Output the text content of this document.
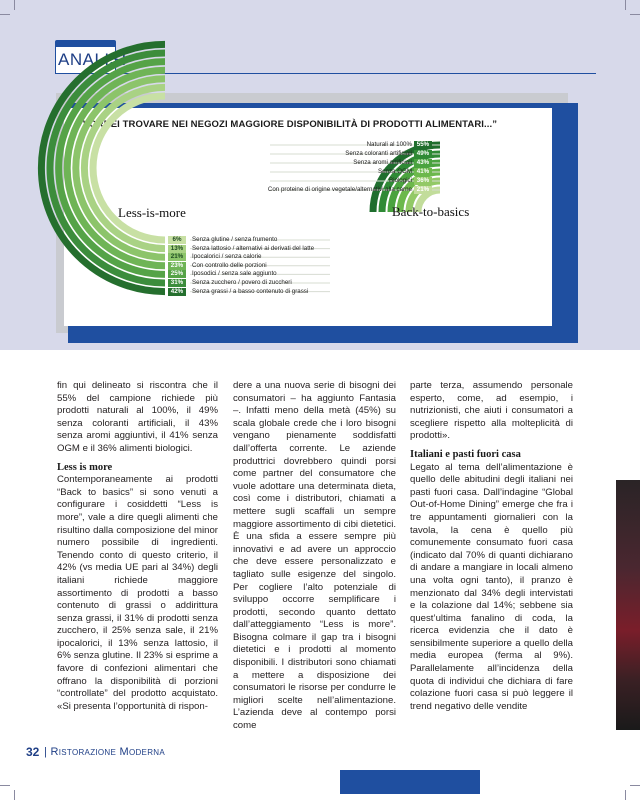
ANALISI
“VORREI TROVARE NEI NEGOZI MAGGIORE DISPONIBILITÀ DI PRODOTTI ALIMENTARI...”
Less-is-more	Back-to-basics
Naturali al 100% 55%
Senza coloranti artificiali 49%
Senza aromi artificiali 43%
Senza OGM 41%
Biologici 36%
Con proteine di origine vegetale/alternativi alla carne 21%
6%	Senza glutine / senza frumento
13%	Senza lattosio / alternativi ai derivati del latte
21%	Ipocalorici / senza calorie
23%	Con controllo delle porzioni
25%	Iposodici / senza sale aggiunto
31%	Senza zucchero / povero di zuccheri
42%	Senza grassi / a basso contenuto di grassi

fin qui delineato si riscontra che il 55% del campione richiede più prodotti naturali al 100%, il 49% senza coloranti artificiali, il 43% senza aromi aggiuntivi, il 41% senza OGM e il 36% alimenti biologici.

Less is more

Contemporaneamente ai prodotti “Back to basics” si sono venuti a configurare i cosiddetti “Less is more”, vale a dire quegli alimenti che risultino dalla composizione del minor numero possibile di ingredienti. Tenendo conto di questo criterio, il 42% (vs media UE pari al 34%) degli italiani richiede maggiore assortimento di prodotti a basso contenuto di grassi o addirittura senza grassi, il 31% di prodotti senza zucchero, il 25% senza sale, il 21% ipocalorici, il 13% senza lattosio, il 6% senza glutine. Il 23% si esprime a favore di confezioni alimentari che offrano la disponibilità di porzioni “controllate” del prodotto acquistato. «Si presenta l’opportunità di rispon-

dere a una nuova serie di bisogni dei consumatori – ha aggiunto Fantasia –. Infatti meno della metà (45%) su scala globale crede che i loro bisogni vengano pienamente soddisfatti dall’offerta corrente. Le aziende produttrici dovrebbero quindi porsi come partner del consumatore che vuole adottare una determinata dieta, così come i distributori, chiamati a mettere sugli scaffali un sempre maggiore assortimento di cibi dietetici. È una sfida a essere sempre più innovativi e ad avere un approccio che deve essere personalizzato e tagliato sulle esigenze del singolo. Per cogliere l’alto potenziale di sviluppo occorre semplificare i prodotti, secondo quanto dettato dall’atteggiamento “Less is more”. Bisogna colmare il gap tra i bisogni dietetici e i prodotti al momento disponibili. I distributori sono chiamati a mettere a disposizione dei consumatori le risorse per condurre le migliori scelte nell’alimentazione. L’azienda deve al contempo porsi come

parte terza, assumendo personale esperto, come, ad esempio, i nutrizionisti, che aiuti i consumatori a scegliere rispetto alla molteplicità di prodotti».

Italiani e pasti fuori casa

Legato al tema dell’alimentazione è quello delle abitudini degli italiani nei pasti fuori casa. Dall’indagine “Global Out-of-Home Dining” emerge che fra i tre appuntamenti giornalieri con la tavola, la cena è quello più comunemente consumato fuori casa (indicato dal 70% di quanti dichiarano di andare a mangiare in locali almeno una volta ogni tanto), il pranzo è menzionato dal 34% degli intervistati e la colazione dal 14%; sebbene sia quest’ultima fanalino di coda, la ricerca evidenzia che il dato è sensibilmente superiore a quello della media europea (ferma al 9%). Parallelamente all’incidenza della quota di individui che dichiara di fare colazione fuori casa si può leggere il trend negativo delle vendite

32 | Ristorazione Moderna
